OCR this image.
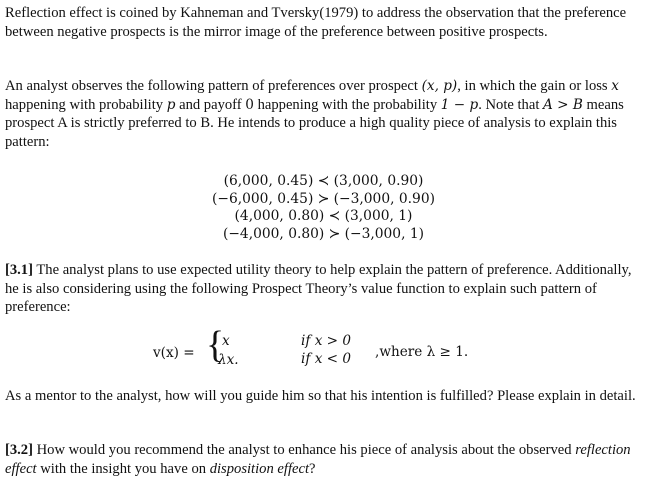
Reflection effect is coined by Kahneman and Tversky(1979) to address the observation that the preference between negative prospects is the mirror image of the preference between positive prospects.

An analyst observes the following pattern of preferences over prospect (x, p), in which the gain or loss x happening with probability p and payoff 0 happening with the probability 1 − p. Note that A > B means prospect A is strictly preferred to B. He intends to produce a high quality piece of analysis to explain this pattern:

(6,000, 0.45) ≺ (3,000, 0.90)
(−6,000, 0.45) ≻ (−3,000, 0.90)
(4,000, 0.80) ≺ (3,000, 1)
(−4,000, 0.80) ≻ (−3,000, 1)

[3.1] The analyst plans to use expected utility theory to help explain the pattern of preference. Additionally, he is also considering using the following Prospect Theory’s value function to explain such pattern of preference:

v(x) = {
x
λx.
if x > 0
if x < 0 ,where λ ≥ 1.

As a mentor to the analyst, how will you guide him so that his intention is fulfilled? Please explain in detail.

[3.2] How would you recommend the analyst to enhance his piece of analysis about the observed reflection effect with the insight you have on disposition effect?
